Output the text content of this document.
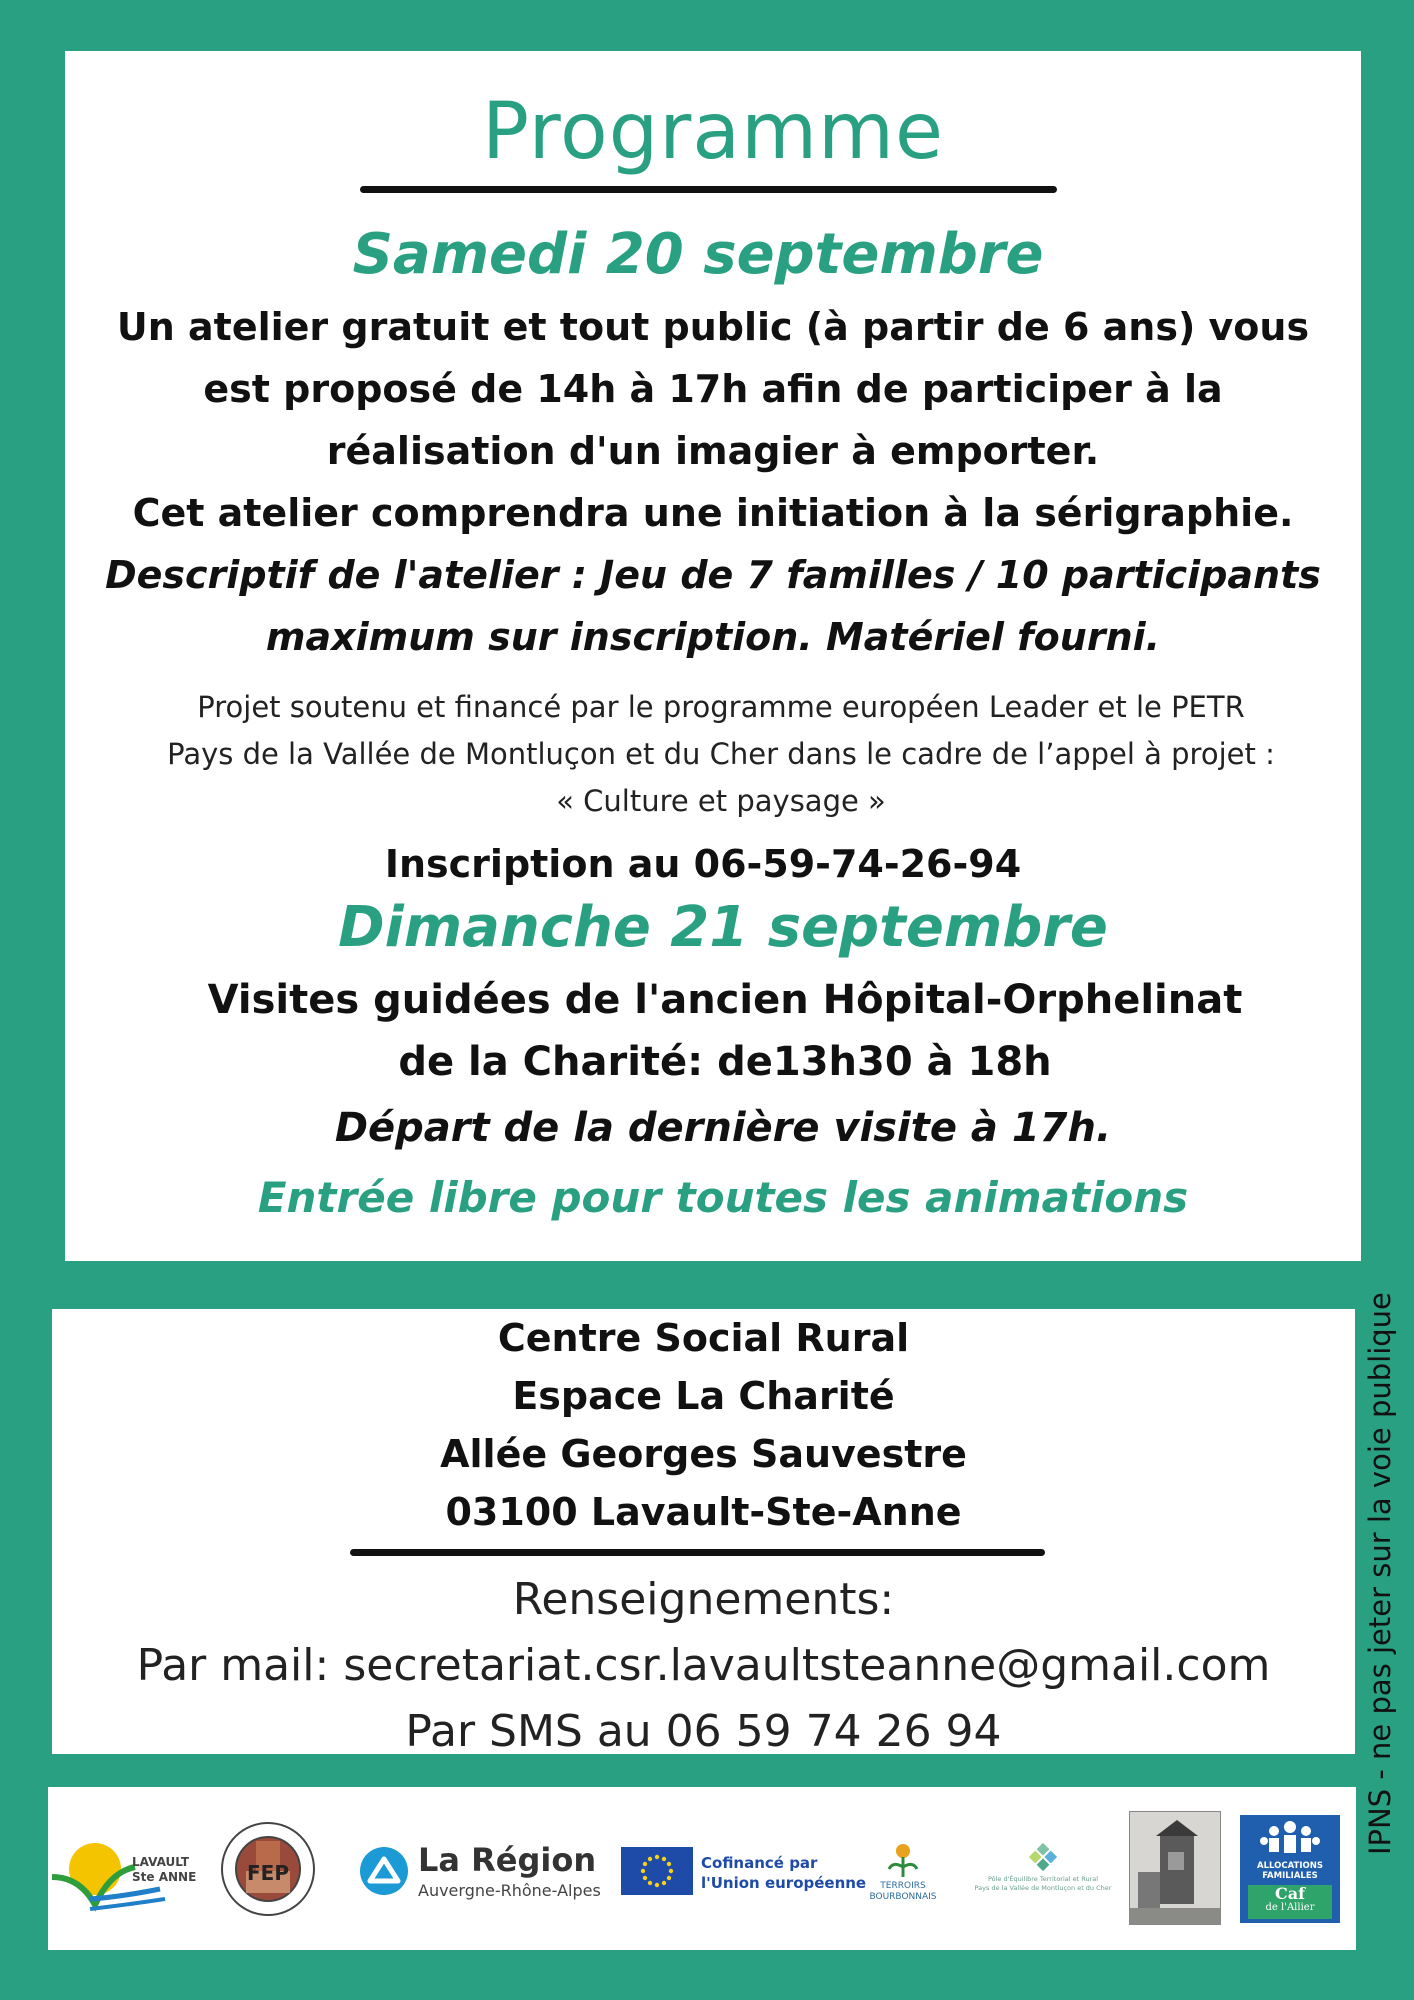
Programme
Samedi 20 septembre
Un atelier gratuit et tout public (à partir de 6 ans) vous
est proposé de 14h à 17h afin de participer à la
réalisation d'un imagier à emporter.
Cet atelier comprendra une initiation à la sérigraphie.
Descriptif de l'atelier : Jeu de 7 familles / 10 participants
maximum sur inscription. Matériel fourni.
Projet soutenu et financé par le programme européen Leader et le PETR
Pays de la Vallée de Montluçon et du Cher dans le cadre de l’appel à projet :
« Culture et paysage »
Inscription au 06-59-74-26-94
Dimanche 21 septembre
Visites guidées de l'ancien Hôpital-Orphelinat
de la Charité: de13h30 à 18h
Départ de la dernière visite à 17h.
Entrée libre pour toutes les animations
Centre Social Rural
Espace La Charité
Allée Georges Sauvestre
03100 Lavault-Ste-Anne
Renseignements:
Par mail: secretariat.csr.lavaultsteanne@gmail.com
Par SMS au 06 59 74 26 94	IPNS - ne pas jeter sur la voie publique
LAVAULT
Ste ANNE	FEP	La Région
Auvergne-Rhône-Alpes
Cofinancé par
l'Union européenne	TERROIRS
BOURBONNAIS
Pôle d'Équilibre Territorial et Rural
Pays de la Vallée de Montluçon et du Cher
ALLOCATIONS
FAMILIALES
Caf
de l'Allier
